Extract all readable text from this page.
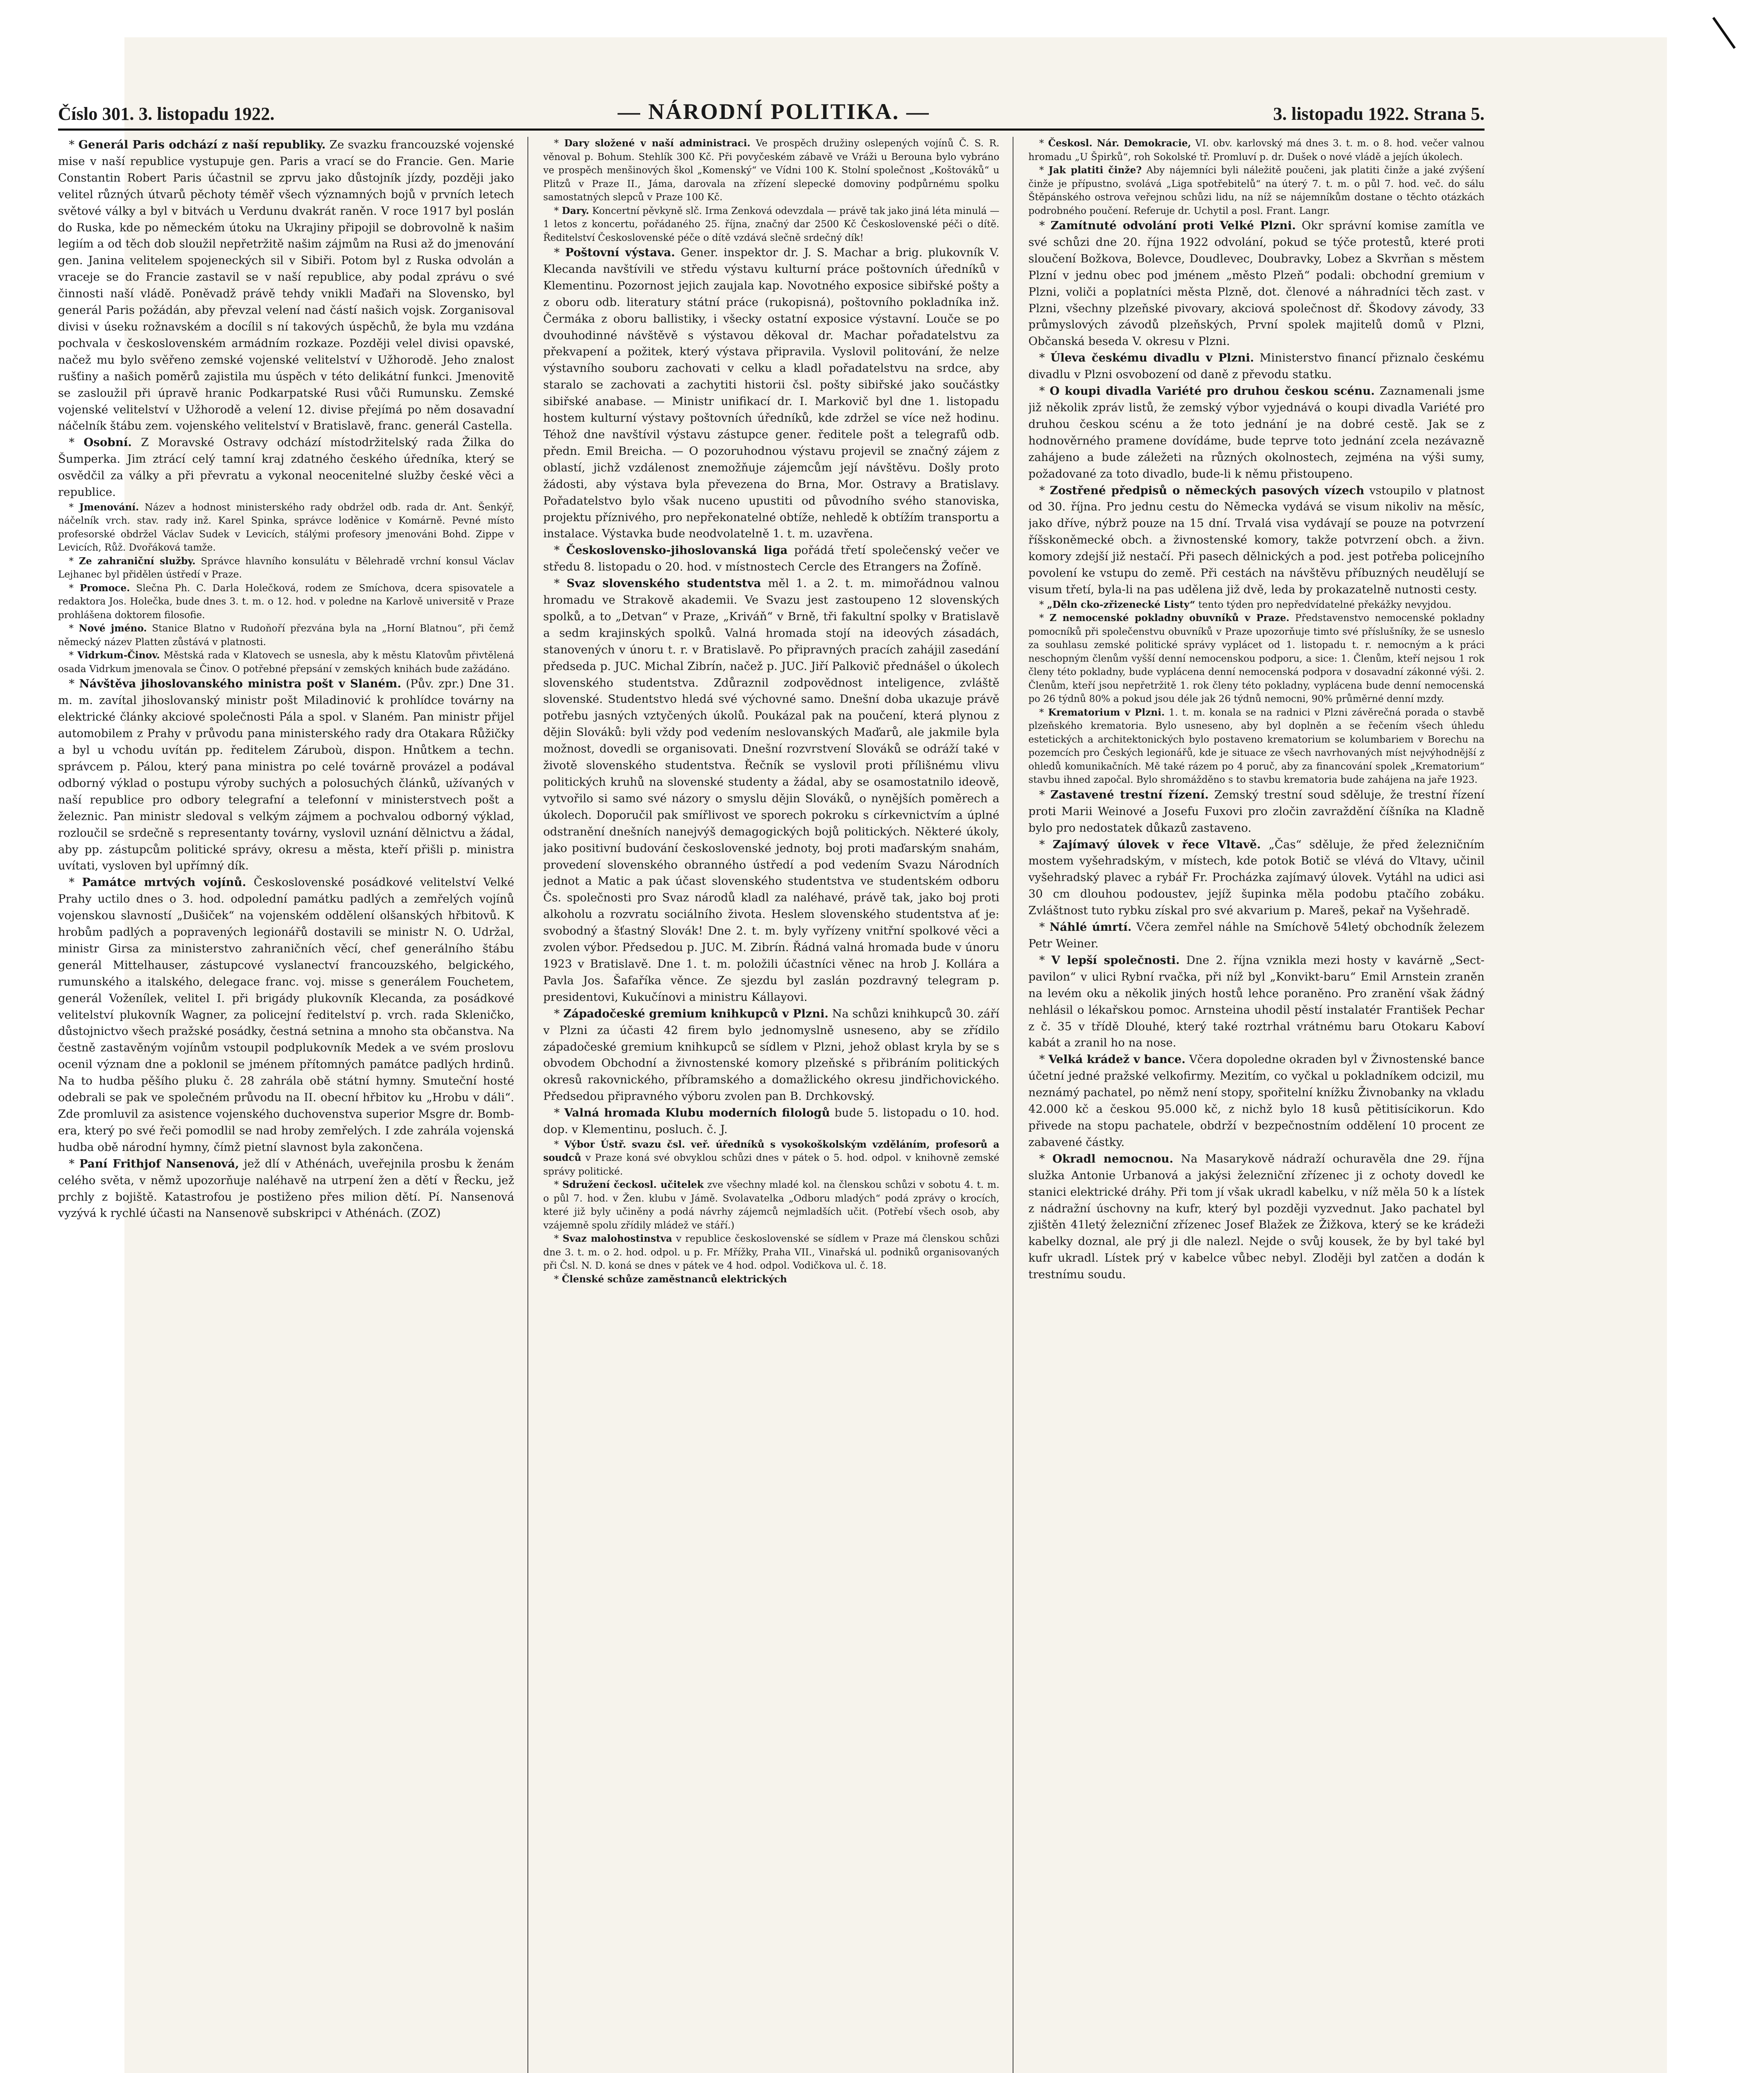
Číslo 301. 3. listopadu 1922.	— NÁRODNÍ POLITIKA. —	3. listopadu 1922. Strana 5.

* Generál Paris odchází z naší republiky. Ze svazku francouzské vojenské mise v naší republice vystupuje gen. Paris a vrací se do Francie. Gen. Marie Constantin Robert Paris účastnil se zprvu jako důstojník jízdy, později jako velitel různých útvarů pěchoty téměř všech významných bojů v prvních letech světové války a byl v bitvách u Verdunu dvakrát raněn. V roce 1917 byl poslán do Ruska, kde po německém útoku na Ukrajiny připojil se dobrovolně k našim legiím a od těch dob sloužil nepřetržitě našim zájmům na Rusi až do jmenování gen. Janina velitelem spojeneckých sil v Sibiři. Potom byl z Ruska odvolán a vraceje se do Francie zastavil se v naší republice, aby podal zprávu o své činnosti naší vládě. Poněvadž právě tehdy vnikli Maďaři na Slovensko, byl generál Paris požádán, aby převzal velení nad částí našich vojsk. Zorganisoval divisi v úseku rožnavském a docílil s ní takových úspěchů, že byla mu vzdána pochvala v československém armádním rozkaze. Později velel divisi opavské, načež mu bylo svěřeno zemské vojenské velitelství v Užhorodě. Jeho znalost rušťiny a našich poměrů zajistila mu úspěch v této delikátní funkci. Jmenovitě se zasloužil při úpravě hranic Podkarpatské Rusi vůči Rumunsku. Zemské vojenské velitelství v Užhorodě a velení 12. divise přejímá po něm dosavadní náčelník štábu zem. vojenského velitelství v Bratislavě, franc. generál Castella.

* Osobní. Z Moravské Ostravy odchází místodržitelský rada Žilka do Šumperka. Jim ztrácí celý tamní kraj zdatného českého úředníka, který se osvědčil za války a při převratu a vykonal neocenitelné služby české věci a republice.

* Jmenování. Název a hodnost ministerského rady obdržel odb. rada dr. Ant. Šenkýř, náčelník vrch. stav. rady inž. Karel Spinka, správce loděnice v Komárně. Pevné místo profesorské obdržel Václav Sudek v Levicích, stálými profesory jmenováni Bohd. Zippe v Levicích, Růž. Dvořáková tamže.

* Ze zahraniční služby. Správce hlavního konsulátu v Bělehradě vrchní konsul Václav Lejhanec byl přidělen ústředí v Praze.

* Promoce. Slečna Ph. C. Darla Holečková, rodem ze Smíchova, dcera spisovatele a redaktora Jos. Holečka, bude dnes 3. t. m. o 12. hod. v poledne na Karlově universitě v Praze prohlášena doktorem filosofie.

* Nové jméno. Stanice Blatno v Rudoňoří přezvána byla na „Horní Blatnou“, při čemž německý název Platten zůstává v platnosti.

* Vidrkum-Činov. Městská rada v Klatovech se usnesla, aby k městu Klatovům přivtělená osada Vidrkum jmenovala se Činov. O potřebné přepsání v zemských knihách bude zažádáno.

* Návštěva jihoslovanského ministra pošt v Slaném. (Pův. zpr.) Dne 31. m. m. zavítal jihoslovanský ministr pošt Miladinović k prohlídce továrny na elektrické články akciové společnosti Pála a spol. v Slaném. Pan ministr přijel automobilem z Prahy v průvodu pana ministerského rady dra Otakara Růžičky a byl u vchodu uvítán pp. ředitelem Záruboù, dispon. Hnůtkem a techn. správcem p. Pálou, který pana ministra po celé továrně provázel a podával odborný výklad o postupu výroby suchých a polosuchých článků, užívaných v naší republice pro odbory telegrafní a telefonní v ministerstvech pošt a železnic. Pan ministr sledoval s velkým zájmem a pochvalou odborný výklad, rozloučil se srdečně s representanty továrny, vyslovil uznání dělnictvu a žádal, aby pp. zástupcům politické správy, okresu a města, kteří přišli p. ministra uvítati, vysloven byl upřímný dík.

* Památce mrtvých vojínů. Československé posádkové velitelství Velké Prahy uctilo dnes o 3. hod. odpolední památku padlých a zemřelých vojínů vojenskou slavností „Dušiček“ na vojenském oddělení olšanských hřbitovů. K hrobům padlých a popravených legionářů dostavili se ministr N. O. Udržal, ministr Girsa za ministerstvo zahraničních věcí, chef generálního štábu generál Mittelhauser, zástupcové vyslanectví francouzského, belgického, rumunského a italského, delegace franc. voj. misse s generálem Fouchetem, generál Voženílek, velitel I. při brigády plukovník Klecanda, za posádkové velitelství plukovník Wagner, za policejní ředitelství p. vrch. rada Skleničko, důstojnictvo všech pražské posádky, čestná setnina a mnoho sta občanstva. Na čestně zastavěným vojínům vstoupil podplukovník Medek a ve svém proslovu ocenil význam dne a poklonil se jménem přítomných památce padlých hrdinů. Na to hudba pěšího pluku č. 28 zahrála obě státní hymny. Smuteční hosté odebrali se pak ve společném průvodu na II. obecní hřbitov ku „Hrobu v dáli“. Zde promluvil za asistence vojenského duchovenstva superior Msgre dr. Bombera, který po své řeči pomodlil se nad hroby zemřelých. I zde zahrála vojenská hudba obě národní hymny, čímž pietní slavnost byla zakončena.

* Paní Frithjof Nansenová, jež dlí v Athénách, uveřejnila prosbu k ženám celého světa, v němž upozorňuje naléhavě na utrpení žen a dětí v Řecku, jež prchly z bojiště. Katastrofou je postiženo přes milion dětí. Pí. Nansenová vyzývá k rychlé účasti na Nansenově subskripci v Athénách. (ZOZ)

* Dary složené v naší administraci. Ve prospěch družiny oslepených vojínů Č. S. R. věnoval p. Bohum. Stehlík 300 Kč. Při povyčeském zábavě ve Vráži u Berouna bylo vybráno ve prospěch menšinových škol „Komenský“ ve Vídni 100 K. Stolní společnost „Koštováků“ u Plitzů v Praze II., Jáma, darovala na zřízení slepecké domoviny podpůrnému spolku samostatných slepců v Praze 100 Kč.

* Dary. Koncertní pěvkyně slč. Irma Zenková odevzdala — právě tak jako jiná léta minulá — 1 letos z koncertu, pořádaného 25. října, značný dar 2500 Kč Československé péči o dítě. Ředitelství Československé péče o dítě vzdává slečně srdečný dík!

* Poštovní výstava. Gener. inspektor dr. J. S. Machar a brig. plukovník V. Klecanda navštívili ve středu výstavu kulturní práce poštovních úředníků v Klementinu. Pozornost jejich zaujala kap. Novotného exposice sibiřské pošty a z oboru odb. literatury státní práce (rukopisná), poštovního pokladníka inž. Čermáka z oboru ballistiky, i všecky ostatní exposice výstavní. Louče se po dvouhodinné návštěvě s výstavou děkoval dr. Machar pořadatelstvu za překvapení a požitek, který výstava připravila. Vyslovil politování, že nelze výstavního souboru zachovati v celku a kladl pořadatelstvu na srdce, aby staralo se zachovati a zachytiti historii čsl. pošty sibiřské jako součástky sibiřské anabase. — Ministr unifikací dr. I. Markovič byl dne 1. listopadu hostem kulturní výstavy poštovních úředníků, kde zdržel se více než hodinu. Téhož dne navštívil výstavu zástupce gener. ředitele pošt a telegrafů odb. předn. Emil Breicha. — O pozoruhodnou výstavu projevil se značný zájem z oblastí, jichž vzdálenost znemožňuje zájemcům její návštěvu. Došly proto žádosti, aby výstava byla převezena do Brna, Mor. Ostravy a Bratislavy. Pořadatelstvo bylo však nuceno upustiti od původního svého stanoviska, projektu příznivého, pro nepřekonatelné obtíže, nehledě k obtížím transportu a instalace. Výstavka bude neodvolatelně 1. t. m. uzavřena.

* Československo-jihoslovanská liga pořádá třetí společenský večer ve středu 8. listopadu o 20. hod. v místnostech Cercle des Etrangers na Žofíně.

* Svaz slovenského studentstva měl 1. a 2. t. m. mimořádnou valnou hromadu ve Strakově akademii. Ve Svazu jest zastoupeno 12 slovenských spolků, a to „Detvan“ v Praze, „Kriváň“ v Brně, tři fakultní spolky v Bratislavě a sedm krajinských spolků. Valná hromada stojí na ideových zásadách, stanovených v únoru t. r. v Bratislavě. Po připravných pracích zahájil zasedání předseda p. JUC. Michal Zibrín, načež p. JUC. Jiří Palkovič přednášel o úkolech slovenského studentstva. Zdůraznil zodpovědnost inteligence, zvláště slovenské. Studentstvo hledá své výchovné samo. Dnešní doba ukazuje právě potřebu jasných vztyčených úkolů. Poukázal pak na poučení, která plynou z dějin Slováků: byli vždy pod vedením neslovanských Maďarů, ale jakmile byla možnost, dovedli se organisovati. Dnešní rozvrstvení Slováků se odráží také v životě slovenského studentstva. Řečník se vyslovil proti přílišnému vlivu politických kruhů na slovenské studenty a žádal, aby se osamostatnilo ideově, vytvořilo si samo své názory o smyslu dějin Slováků, o nynějších poměrech a úkolech. Doporučil pak smířlivost ve sporech pokroku s církevnictvím a úplné odstranění dnešních nanejvýš demagogických bojů politických. Některé úkoly, jako positivní budování československé jednoty, boj proti maďarským snahám, provedení slovenského obranného ústředí a pod vedením Svazu Národních jednot a Matic a pak účast slovenského studentstva ve studentském odboru Čs. společnosti pro Svaz národů kladl za naléhavé, právě tak, jako boj proti alkoholu a rozvratu sociálního života. Heslem slovenského studentstva ať je: svobodný a šťastný Slovák! Dne 2. t. m. byly vyřízeny vnitřní spolkové věci a zvolen výbor. Předsedou p. JUC. M. Zibrín. Řádná valná hromada bude v únoru 1923 v Bratislavě. Dne 1. t. m. položili účastníci věnec na hrob J. Kollára a Pavla Jos. Šafaříka věnce. Ze sjezdu byl zaslán pozdravný telegram p. presidentovi, Kukučínovi a ministru Kállayovi.

* Západočeské gremium knihkupců v Plzni. Na schůzi knihkupců 30. září v Plzni za účasti 42 firem bylo jednomyslně usneseno, aby se zřídilo západočeské gremium knihkupců se sídlem v Plzni, jehož oblast kryla by se s obvodem Obchodní a živnostenské komory plzeňské s přibráním politických okresů rakovnického, příbramského a domažlického okresu jindřichovického. Předsedou připravného výboru zvolen pan B. Drchkovský.

* Valná hromada Klubu moderních filologů bude 5. listopadu o 10. hod. dop. v Klementinu, posluch. č. J.

* Výbor Ústř. svazu čsl. veř. úředníků s vysokoškolským vzděláním, profesorů a soudců v Praze koná své obvyklou schůzi dnes v pátek o 5. hod. odpol. v knihovně zemské správy politické.

* Sdružení čeckosl. učitelek zve všechny mladé kol. na členskou schůzi v sobotu 4. t. m. o půl 7. hod. v Žen. klubu v Jámě. Svolavatelka „Odboru mladých“ podá zprávy o krocích, které již byly učiněny a podá návrhy zájemců nejmladších učit. (Potřebí všech osob, aby vzájemně spolu zřídily mládež ve stáří.)

* Svaz malohostinstva v republice československé se sídlem v Praze má členskou schůzi dne 3. t. m. o 2. hod. odpol. u p. Fr. Mřížky, Praha VII., Vinařská ul. podniků organisovaných při Čsl. N. D. koná se dnes v pátek ve 4 hod. odpol. Vodičkova ul. č. 18.

* Členské schůze zaměstnanců elektrických

* Českosl. Nár. Demokracie, VI. obv. karlovský má dnes 3. t. m. o 8. hod. večer valnou hromadu „U Špirků“, roh Sokolské tř. Promluví p. dr. Dušek o nové vládě a jejích úkolech.

* Jak platiti činže? Aby nájemníci byli náležitě poučeni, jak platiti činže a jaké zvýšení činže je přípustno, svolává „Liga spotřebitelů“ na úterý 7. t. m. o půl 7. hod. več. do sálu Štěpánského ostrova veřejnou schůzi lidu, na níž se nájemníkům dostane o těchto otázkách podrobného poučení. Referuje dr. Uchytil a posl. Frant. Langr.

* Zamítnuté odvolání proti Velké Plzni. Okr správní komise zamítla ve své schůzi dne 20. října 1922 odvolání, pokud se týče protestů, které proti sloučení Božkova, Bolevce, Doudlevec, Doubravky, Lobez a Skvrňan s městem Plzní v jednu obec pod jménem „město Plzeň“ podali: obchodní gremium v Plzni, voliči a poplatníci města Plzně, dot. členové a náhradníci těch zast. v Plzni, všechny plzeňské pivovary, akciová společnost dř. Škodovy závody, 33 průmyslových závodů plzeňských, První spolek majitelů domů v Plzni, Občanská beseda V. okresu v Plzni.

* Úleva českému divadlu v Plzni. Ministerstvo financí přiznalo českému divadlu v Plzni osvobození od daně z převodu statku.

* O koupi divadla Variété pro druhou českou scénu. Zaznamenali jsme již několik zpráv listů, že zemský výbor vyjednává o koupi divadla Variété pro druhou českou scénu a že toto jednání je na dobré cestě. Jak se z hodnověrného pramene dovídáme, bude teprve toto jednání zcela nezávazně zahájeno a bude záležeti na různých okolnostech, zejména na výši sumy, požadované za toto divadlo, bude-li k němu přistoupeno.

* Zostřené předpisů o německých pasových vízech vstoupilo v platnost od 30. října. Pro jednu cestu do Německa vydává se visum nikoliv na měsíc, jako dříve, nýbrž pouze na 15 dní. Trvalá visa vydávají se pouze na potvrzení říšskoněmecké obch. a živnostenské komory, takže potvrzení obch. a živn. komory zdejší již nestačí. Při pasech dělnických a pod. jest potřeba policejního povolení ke vstupu do země. Při cestách na návštěvu příbuzných neudělují se visum třetí, byla-li na pas udělena již dvě, leda by prokazatelně nutnosti cesty.

* „Děln cko-zřizenecké Listy“ tento týden pro nepředvídatelné překážky nevyjdou.

* Z nemocenské pokladny obuvníků v Praze. Představenstvo nemocenské pokladny pomocníků při společenstvu obuvníků v Praze upozorňuje timto své příslušníky, že se usneslo za souhlasu zemské politické správy vyplácet od 1. listopadu t. r. nemocným a k práci neschopným členům vyšší denní nemocenskou podporu, a sice: 1. Členům, kteří nejsou 1 rok členy této pokladny, bude vyplácena denní nemocenská podpora v dosavadní zákonné výši. 2. Členům, kteří jsou nepřetržitě 1. rok členy této pokladny, vyplácena bude denní nemocenská po 26 týdnů 80% a pokud jsou déle jak 26 týdnů nemocni, 90% průměrné denní mzdy.

* Krematorium v Plzni. 1. t. m. konala se na radnici v Plzni závěrečná porada o stavbě plzeňského krematoria. Bylo usneseno, aby byl doplněn a se řečením všech úhledu estetických a architektonických bylo postaveno krematorium se kolumbariem v Borechu na pozemcích pro Českých legionářů, kde je situace ze všech navrhovaných míst nejvýhodnější z ohledů komunikačních. Mě také rázem po 4 poruč, aby za financování spolek „Krematorium“ stavbu ihned započal. Bylo shromážděno s to stavbu krematoria bude zahájena na jaře 1923.

* Zastavené trestní řízení. Zemský trestní soud sděluje, že trestní řízení proti Marii Weinové a Josefu Fuxovi pro zločin zavraždění číšníka na Kladně bylo pro nedostatek důkazů zastaveno.

* Zajímavý úlovek v řece Vltavě. „Čas“ sděluje, že před železničním mostem vyšehradským, v místech, kde potok Botič se vlévá do Vltavy, učinil vyšehradský plavec a rybář Fr. Procházka zajímavý úlovek. Vytáhl na udici asi 30 cm dlouhou podoustev, jejíž šupinka měla podobu ptačího zobáku. Zvláštnost tuto rybku získal pro své akvarium p. Mareš, pekař na Vyšehradě.

* Náhlé úmrtí. Včera zemřel náhle na Smíchově 54letý obchodník železem Petr Weiner.

* V lepší společnosti. Dne 2. října vznikla mezi hosty v kavárně „Sect-pavilon“ v ulici Rybní rvačka, při níž byl „Konvikt-baru“ Emil Arnstein zraněn na levém oku a několik jiných hostů lehce poraněno. Pro zranění však žádný nehlásil o lékařskou pomoc. Arnsteina uhodil pěstí instalatér František Pechar z č. 35 v třídě Dlouhé, který také roztrhal vrátnému baru Otokaru Kaboví kabát a zranil ho na nose.

* Velká krádež v bance. Včera dopoledne okraden byl v Živnostenské bance účetní jedné pražské velkofirmy. Mezitím, co vyčkal u pokladníkem odcizil, mu neznámý pachatel, po němž není stopy, spořitelní knížku Živnobanky na vkladu 42.000 kč a českou 95.000 kč, z nichž bylo 18 kusů pětitisícikorun. Kdo přivede na stopu pachatele, obdrží v bezpečnostním oddělení 10 procent ze zabavené částky.

* Okradl nemocnou. Na Masarykově nádraží ochuravěla dne 29. října služka Antonie Urbanová a jakýsi železniční zřízenec ji z ochoty dovedl ke stanici elektrické dráhy. Při tom jí však ukradl kabelku, v níž měla 50 k a lístek z nádražní úschovny na kufr, který byl později vyzvednut. Jako pachatel byl zjištěn 41letý železniční zřízenec Josef Blažek ze Žižkova, který se ke krádeži kabelky doznal, ale prý ji dle nalezl. Nejde o svůj kousek, že by byl také byl kufr ukradl. Lístek prý v kabelce vůbec nebyl. Zloději byl zatčen a dodán k trestnímu soudu.
